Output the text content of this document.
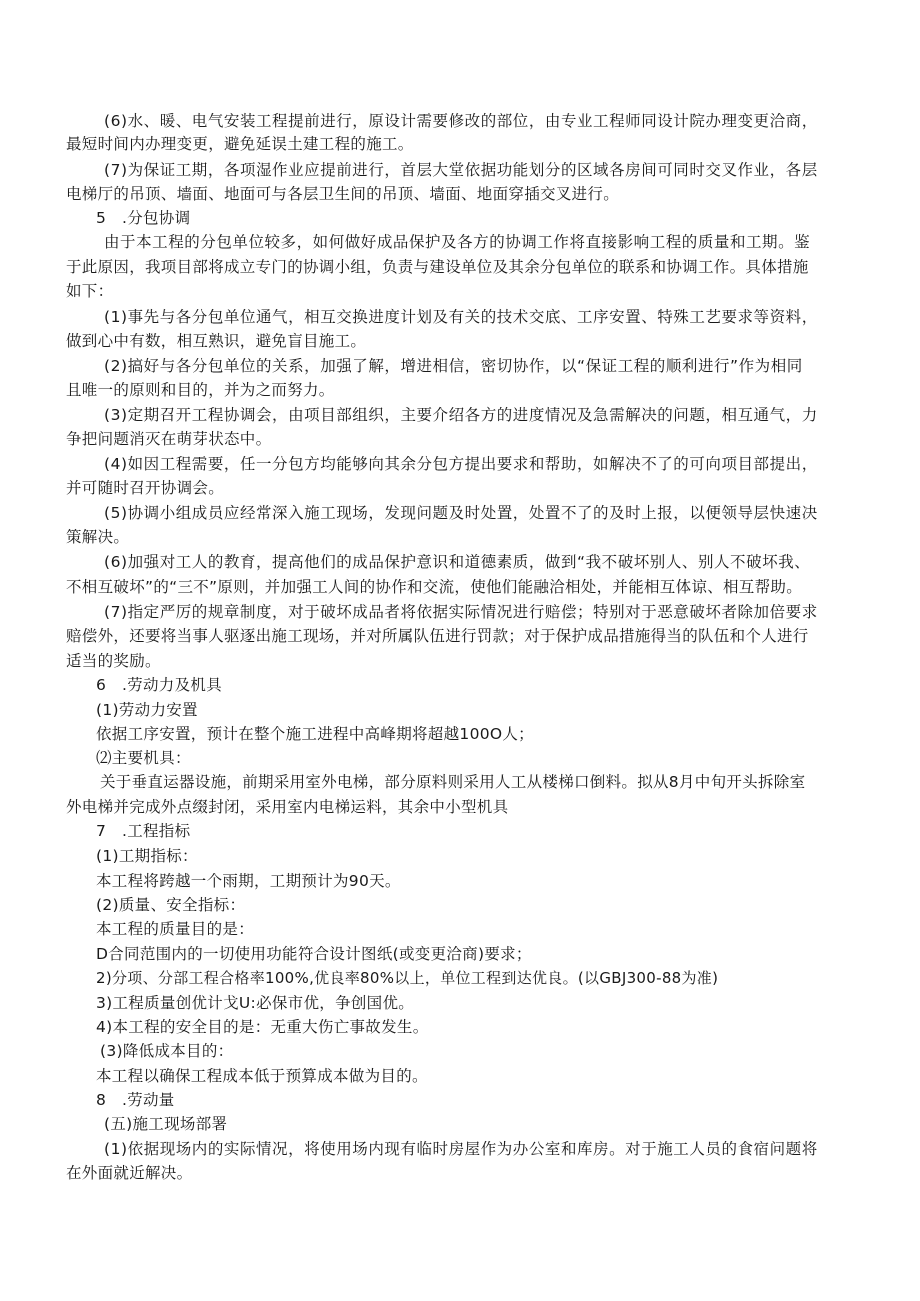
(6)水、暖、电气安装工程提前进行，原设计需要修改的部位，由专业工程师同设计院办理变更洽商，
最短时间内办理变更，避免延误土建工程的施工。
(7)为保证工期，各项湿作业应提前进行，首层大堂依据功能划分的区域各房间可同时交叉作业，各层
电梯厅的吊顶、墙面、地面可与各层卫生间的吊顶、墙面、地面穿插交叉进行。
5　.分包协调
由于本工程的分包单位较多，如何做好成品保护及各方的协调工作将直接影响工程的质量和工期。鉴
于此原因，我项目部将成立专门的协调小组，负责与建设单位及其余分包单位的联系和协调工作。具体措施
如下：
(1)事先与各分包单位通气，相互交换进度计划及有关的技术交底、工序安置、特殊工艺要求等资料，
做到心中有数，相互熟识，避免盲目施工。
(2)搞好与各分包单位的关系，加强了解，增进相信，密切协作，以“保证工程的顺利进行”作为相同
且唯一的原则和目的，并为之而努力。
(3)定期召开工程协调会，由项目部组织，主要介绍各方的进度情况及急需解决的问题，相互通气，力
争把问题消灭在萌芽状态中。
(4)如因工程需要，任一分包方均能够向其余分包方提出要求和帮助，如解决不了的可向项目部提出，
并可随时召开协调会。
(5)协调小组成员应经常深入施工现场，发现问题及时处置，处置不了的及时上报，以便领导层快速决
策解决。
(6)加强对工人的教育，提高他们的成品保护意识和道德素质，做到“我不破坏别人、别人不破坏我、
不相互破坏”的“三不”原则，并加强工人间的协作和交流，使他们能融洽相处，并能相互体谅、相互帮助。
(7)指定严厉的规章制度，对于破坏成品者将依据实际情况进行赔偿；特别对于恶意破坏者除加倍要求
赔偿外，还要将当事人驱逐出施工现场，并对所属队伍进行罚款；对于保护成品措施得当的队伍和个人进行
适当的奖励。
6　.劳动力及机具
(1)劳动力安置
依据工序安置，预计在整个施工进程中高峰期将超越100O人；
⑵主要机具：
关于垂直运器设施，前期采用室外电梯，部分原料则采用人工从楼梯口倒料。拟从8月中旬开头拆除室
外电梯并完成外点缀封闭，采用室内电梯运料，其余中小型机具
7　.工程指标
(1)工期指标：
本工程将跨越一个雨期，工期预计为90天。
(2)质量、安全指标：
本工程的质量目的是：
D合同范围内的一切使用功能符合设计图纸(或变更洽商)要求；
2)分项、分部工程合格率100%,优良率80%以上，单位工程到达优良。(以GBJ300-88为准)
3)工程质量创优计戈U:必保市优，争创国优。
4)本工程的安全目的是：无重大伤亡事故发生。
(3)降低成本目的：
本工程以确保工程成本低于预算成本做为目的。
8　.劳动量
(五)施工现场部署
(1)依据现场内的实际情况，将使用场内现有临时房屋作为办公室和库房。对于施工人员的食宿问题将
在外面就近解决。
